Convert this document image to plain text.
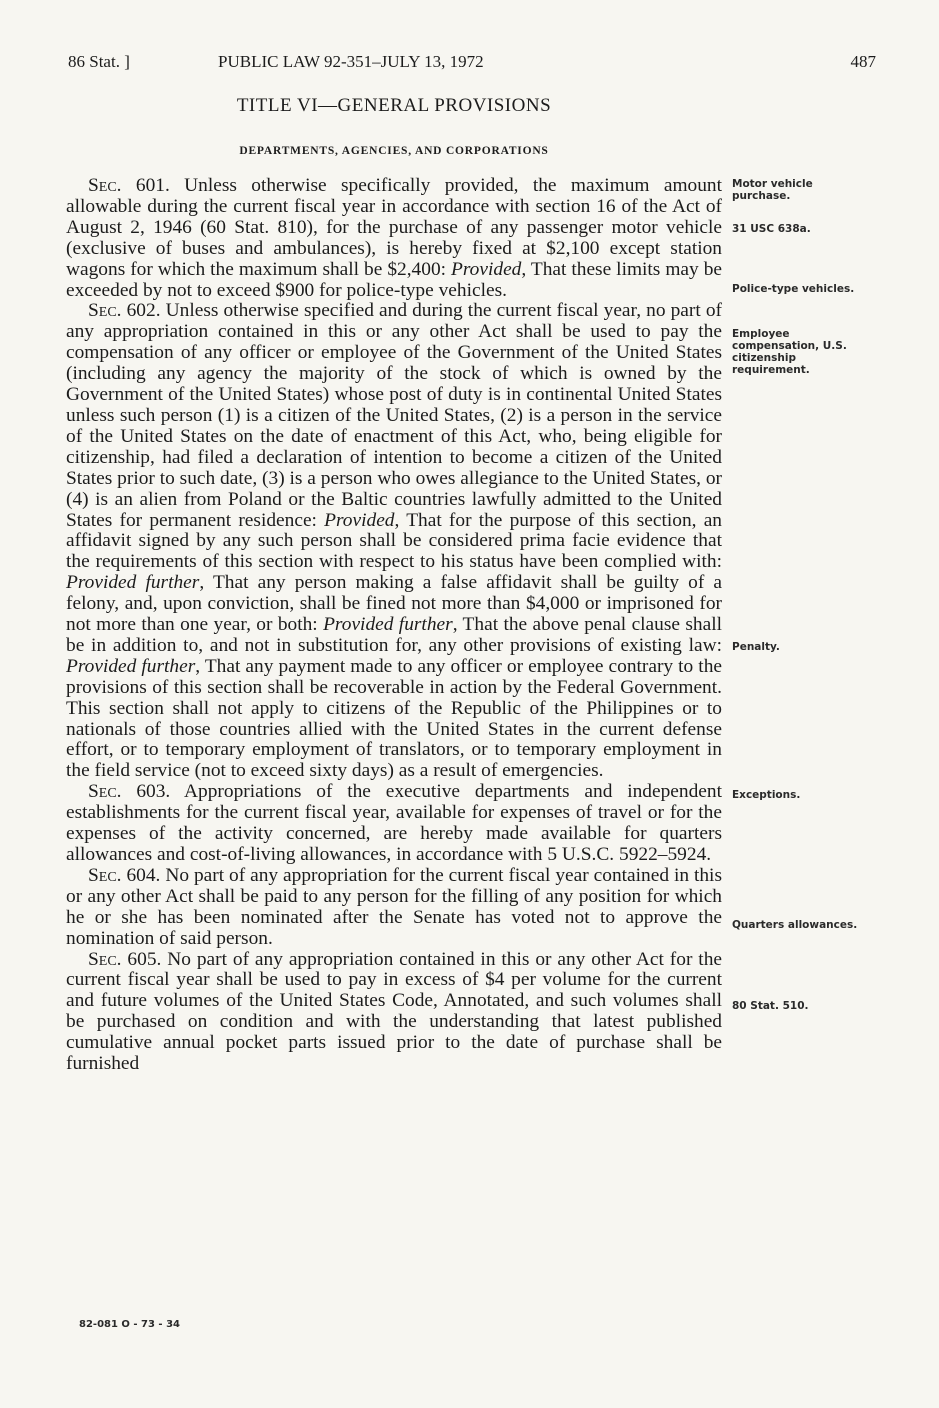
86 Stat. ]	PUBLIC LAW 92-351–JULY 13, 1972	487
TITLE VI—GENERAL PROVISIONS
DEPARTMENTS, AGENCIES, AND CORPORATIONS

Sec. 601. Unless otherwise specifically provided, the maximum amount allowable during the current fiscal year in accordance with section 16 of the Act of August 2, 1946 (60 Stat. 810), for the purchase of any passenger motor vehicle (exclusive of buses and ambulances), is hereby fixed at $2,100 except station wagons for which the maximum shall be $2,400: Provided, That these limits may be exceeded by not to exceed $900 for police-type vehicles.

Sec. 602. Unless otherwise specified and during the current fiscal year, no part of any appropriation contained in this or any other Act shall be used to pay the compensation of any officer or employee of the Government of the United States (including any agency the majority of the stock of which is owned by the Government of the United States) whose post of duty is in continental United States unless such person (1) is a citizen of the United States, (2) is a person in the service of the United States on the date of enactment of this Act, who, being eligible for citizenship, had filed a declaration of intention to become a citizen of the United States prior to such date, (3) is a person who owes allegiance to the United States, or (4) is an alien from Poland or the Baltic countries lawfully admitted to the United States for permanent residence: Provided, That for the purpose of this section, an affidavit signed by any such person shall be considered prima facie evidence that the requirements of this section with respect to his status have been complied with: Provided further, That any person making a false affidavit shall be guilty of a felony, and, upon conviction, shall be fined not more than $4,000 or imprisoned for not more than one year, or both: Provided further, That the above penal clause shall be in addition to, and not in substitution for, any other provisions of existing law: Provided further, That any payment made to any officer or employee contrary to the provisions of this section shall be recoverable in action by the Federal Government. This section shall not apply to citizens of the Republic of the Philippines or to nationals of those countries allied with the United States in the current defense effort, or to temporary employment of translators, or to temporary employment in the field service (not to exceed sixty days) as a result of emergencies.

Sec. 603. Appropriations of the executive departments and independent establishments for the current fiscal year, available for expenses of travel or for the expenses of the activity concerned, are hereby made available for quarters allowances and cost-of-living allowances, in accordance with 5 U.S.C. 5922–5924.

Sec. 604. No part of any appropriation for the current fiscal year contained in this or any other Act shall be paid to any person for the filling of any position for which he or she has been nominated after the Senate has voted not to approve the nomination of said person.

Sec. 605. No part of any appropriation contained in this or any other Act for the current fiscal year shall be used to pay in excess of $4 per volume for the current and future volumes of the United States Code, Annotated, and such volumes shall be purchased on condition and with the understanding that latest published cumulative annual pocket parts issued prior to the date of purchase shall be furnished

Motor vehicle purchase.
31 USC 638a.
Police-type vehicles.
Employee compensation, U.S. citizenship requirement.
Penalty.
Exceptions.
Quarters allowances.
80 Stat. 510.
82-081 O - 73 - 34
